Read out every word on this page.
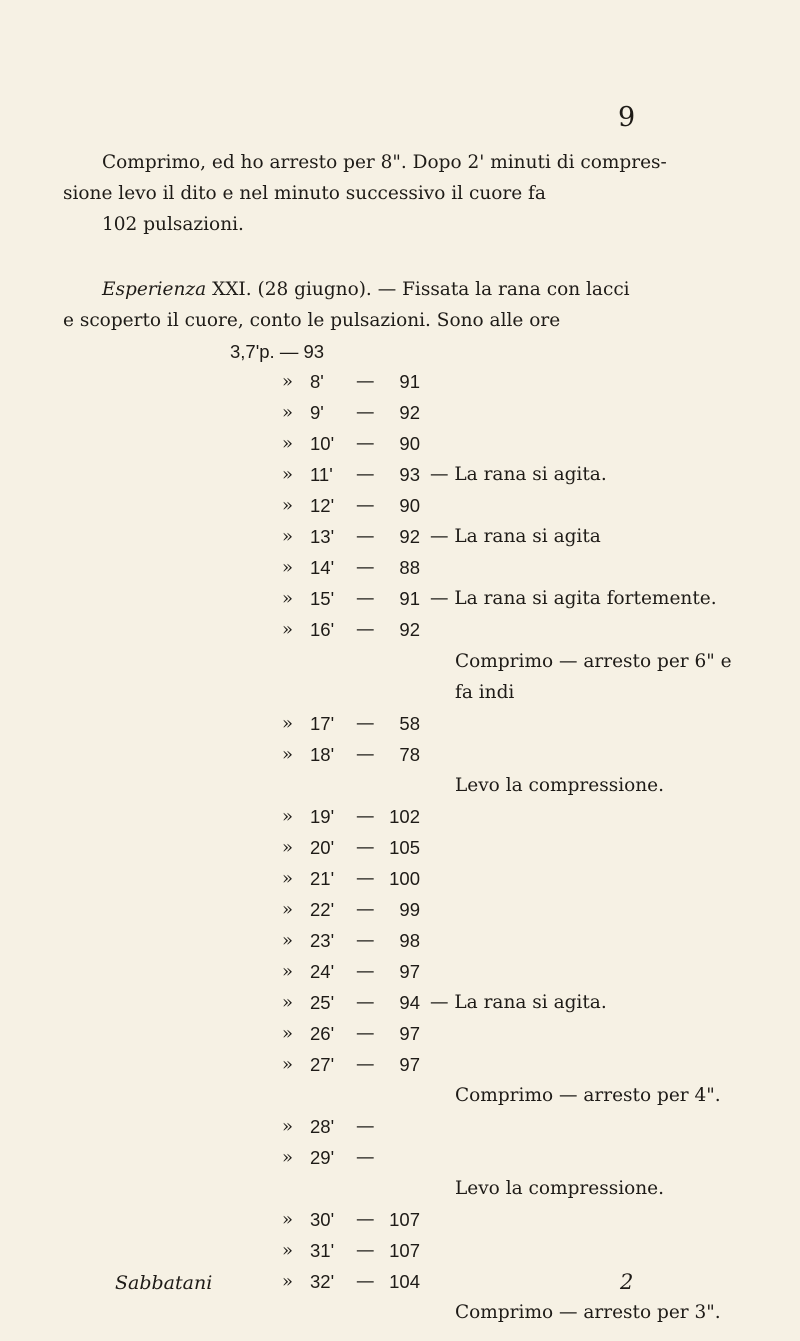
9
Comprimo, ed ho arresto per 8". Dopo 2' minuti di compres-
sione levo il dito e nel minuto successivo il cuore fa
102 pulsazioni.
Esperienza XXI. (28 giugno). — Fissata la rana con lacci
e scoperto il cuore, conto le pulsazioni. Sono alle ore
3,7'p. — 93
» 8' —	91
» 9' —	92
» 10' —	90
» 11' —	93
» 12' —	90
» 13' —	92
» 14' —	88
» 15' —	91
» 16' —	92
» 17' —	58
» 18' —	78
» 19' — 102
» 20' — 105
» 21' — 100
» 22' —	99
» 23' —	98
» 24' —	97
» 25' —	94
» 26' —	97
» 27' —	97
» 28' —
» 29' —
» 30' — 107
» 31' — 107
» 32' — 104
— La rana si agita.
— La rana si agita
— La rana si agita fortemente.
Comprimo — arresto per 6" e
fa indi
Levo la compressione.
— La rana si agita.
Comprimo — arresto per 4".
Levo la compressione.
Comprimo — arresto per 3".
Sabbatani	2
